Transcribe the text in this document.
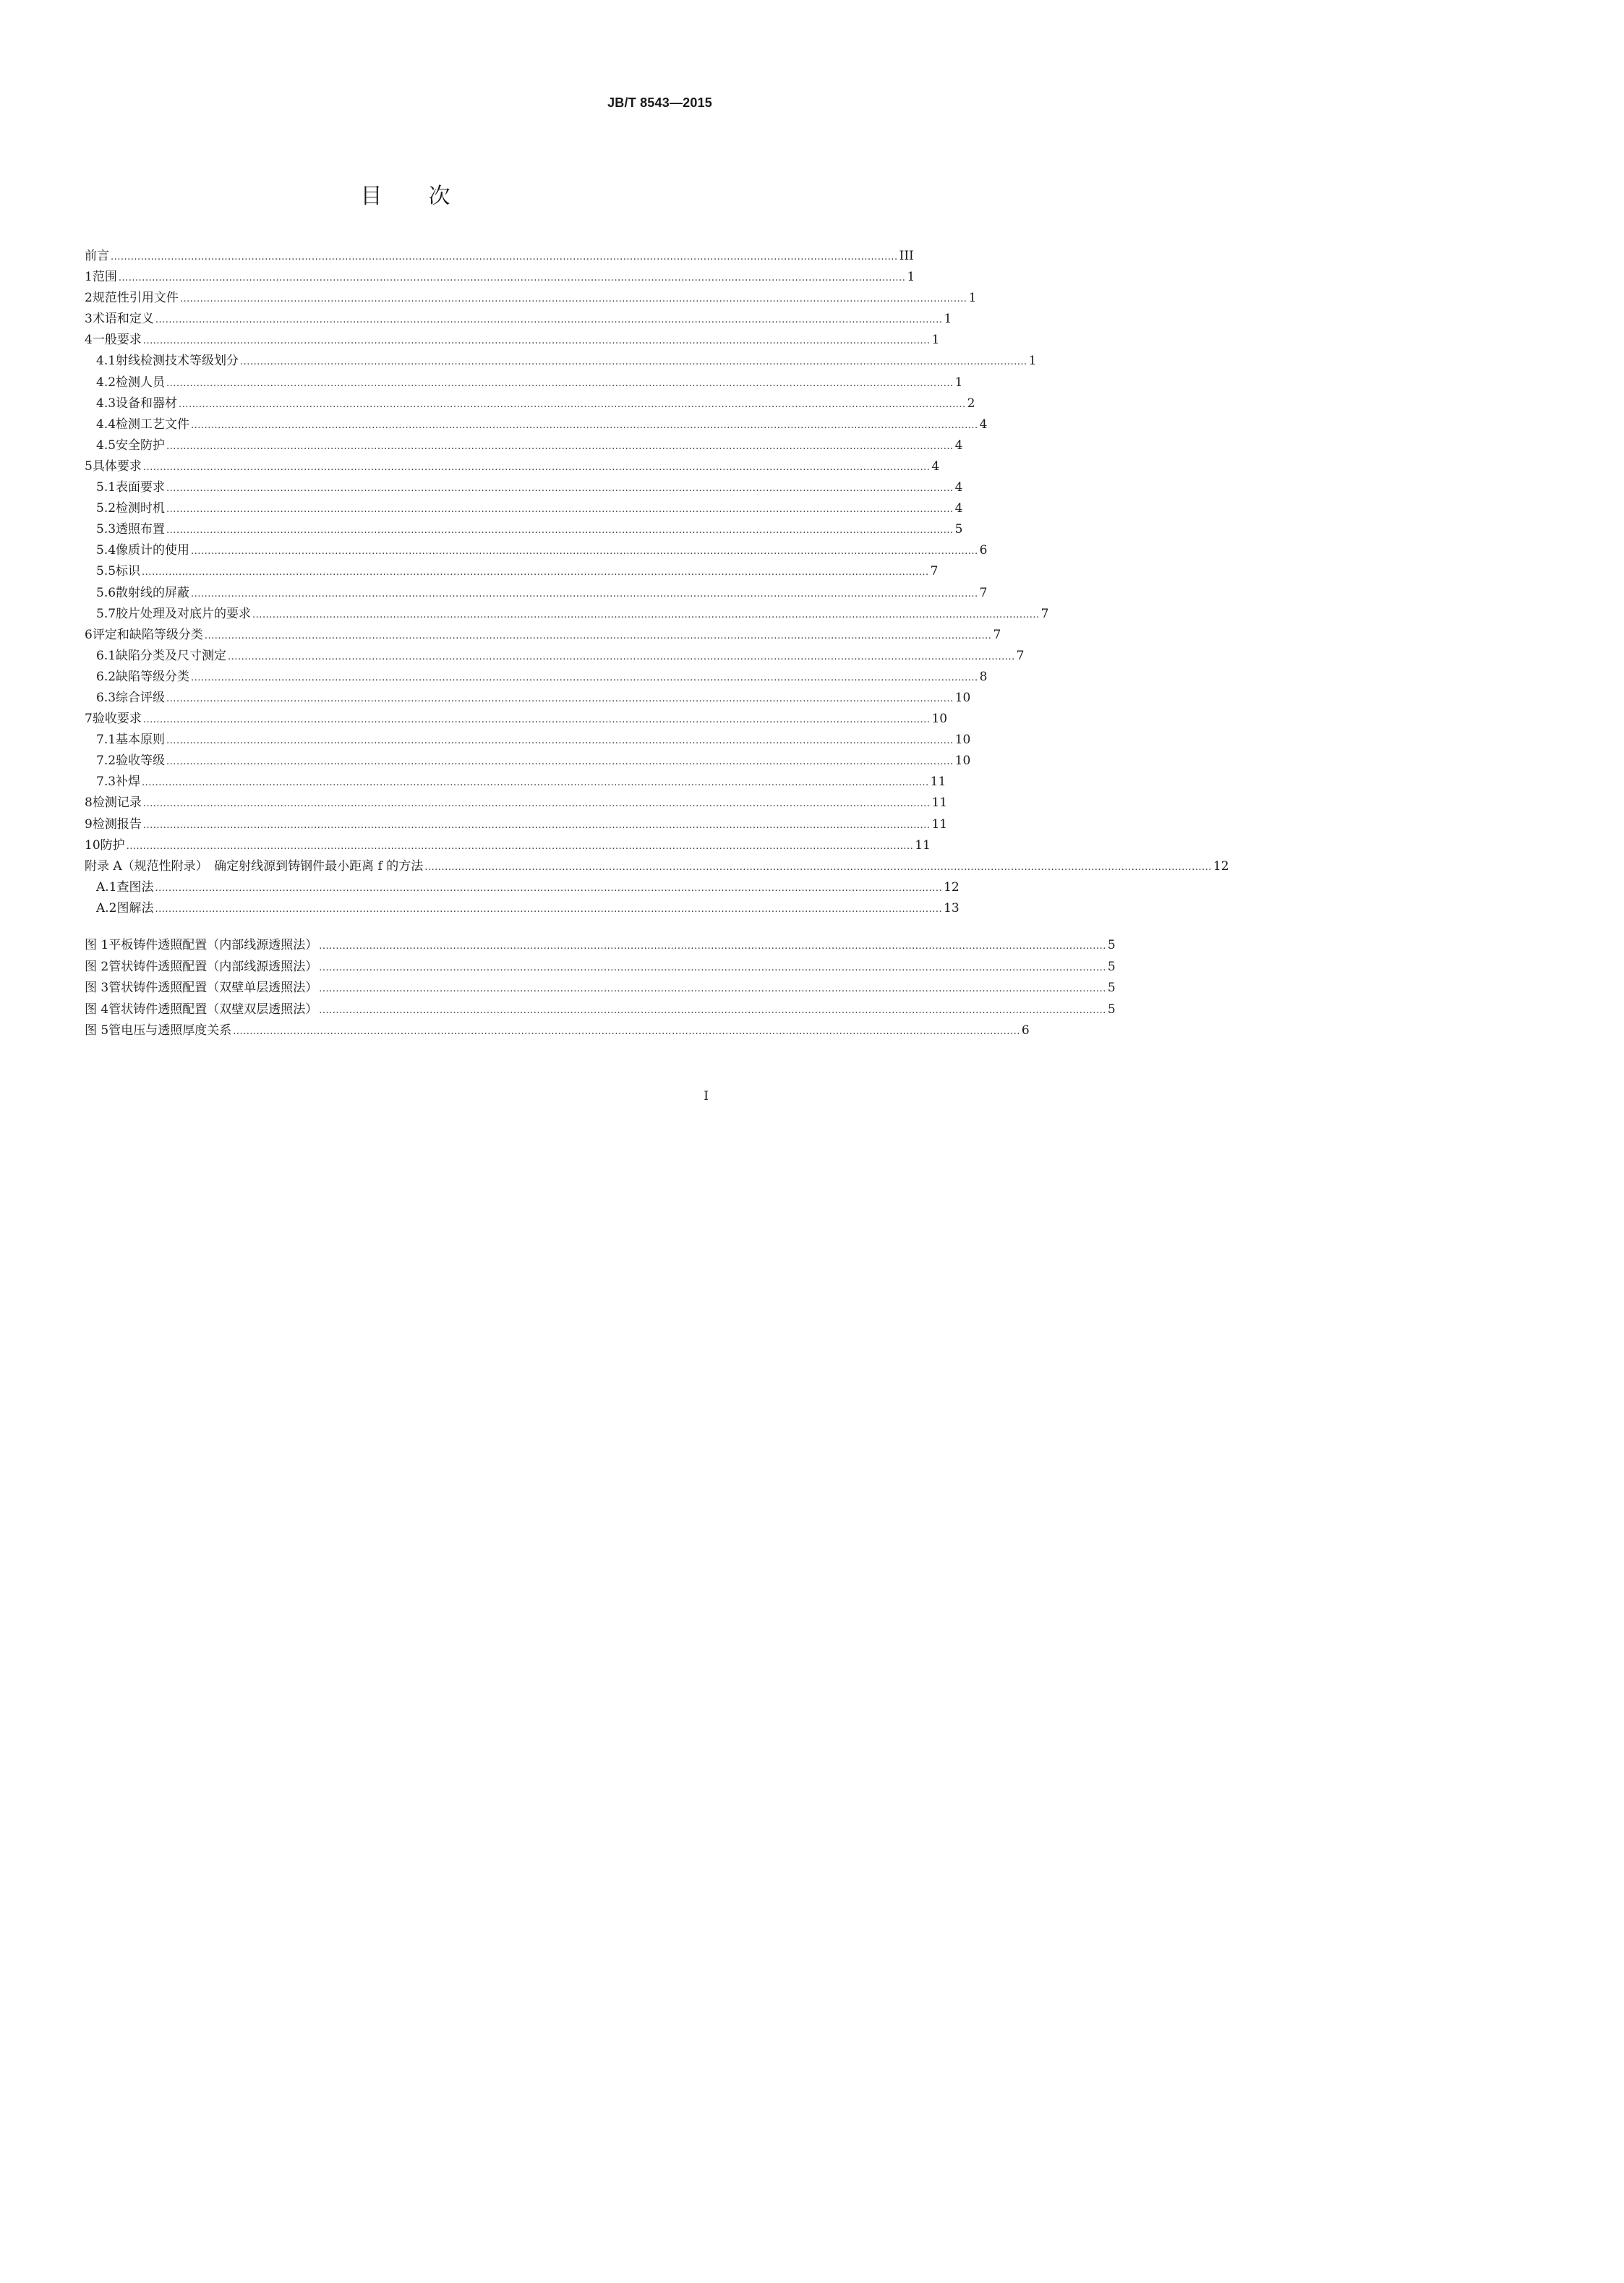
JB/T 8543—2015
目 次
前言 ........................................................................................................................................................................................................................................... III
1 范围 ........................................................................................................................................................................................................................................... 1
2 规范性引用文件 ........................................................................................................................................................................................................................................... 1
3 术语和定义 ........................................................................................................................................................................................................................................... 1
4 一般要求 ........................................................................................................................................................................................................................................... 1
4.1 射线检测技术等级划分 ........................................................................................................................................................................................................................................... 1
4.2 检测人员 ........................................................................................................................................................................................................................................... 1
4.3 设备和器材 ........................................................................................................................................................................................................................................... 2
4.4 检测工艺文件 ........................................................................................................................................................................................................................................... 4
4.5 安全防护 ........................................................................................................................................................................................................................................... 4
5 具体要求 ........................................................................................................................................................................................................................................... 4
5.1 表面要求 ........................................................................................................................................................................................................................................... 4
5.2 检测时机 ........................................................................................................................................................................................................................................... 4
5.3 透照布置 ........................................................................................................................................................................................................................................... 5
5.4 像质计的使用 ........................................................................................................................................................................................................................................... 6
5.5 标识 ........................................................................................................................................................................................................................................... 7
5.6 散射线的屏蔽 ........................................................................................................................................................................................................................................... 7
5.7 胶片处理及对底片的要求 ........................................................................................................................................................................................................................................... 7
6 评定和缺陷等级分类 ........................................................................................................................................................................................................................................... 7
6.1 缺陷分类及尺寸测定 ........................................................................................................................................................................................................................................... 7
6.2 缺陷等级分类 ........................................................................................................................................................................................................................................... 8
6.3 综合评级 ........................................................................................................................................................................................................................................... 10
7 验收要求 ........................................................................................................................................................................................................................................... 10
7.1 基本原则 ........................................................................................................................................................................................................................................... 10
7.2 验收等级 ........................................................................................................................................................................................................................................... 10
7.3 补焊 ........................................................................................................................................................................................................................................... 11
8 检测记录 ........................................................................................................................................................................................................................................... 11
9 检测报告 ........................................................................................................................................................................................................................................... 11
10 防护 ........................................................................................................................................................................................................................................... 11
附录 A（规范性附录）　确定射线源到铸钢件最小距离 f 的方法 ........................................................................................................................................................................................................................................... 12
A.1 查图法 ........................................................................................................................................................................................................................................... 12
A.2 图解法 ........................................................................................................................................................................................................................................... 13
图 1 平板铸件透照配置（内部线源透照法） ........................................................................................................................................................................................................................................... 5
图 2 管状铸件透照配置（内部线源透照法） ........................................................................................................................................................................................................................................... 5
图 3 管状铸件透照配置（双壁单层透照法） ........................................................................................................................................................................................................................................... 5
图 4 管状铸件透照配置（双壁双层透照法） ........................................................................................................................................................................................................................................... 5
图 5 管电压与透照厚度关系 ........................................................................................................................................................................................................................................... 6
I
